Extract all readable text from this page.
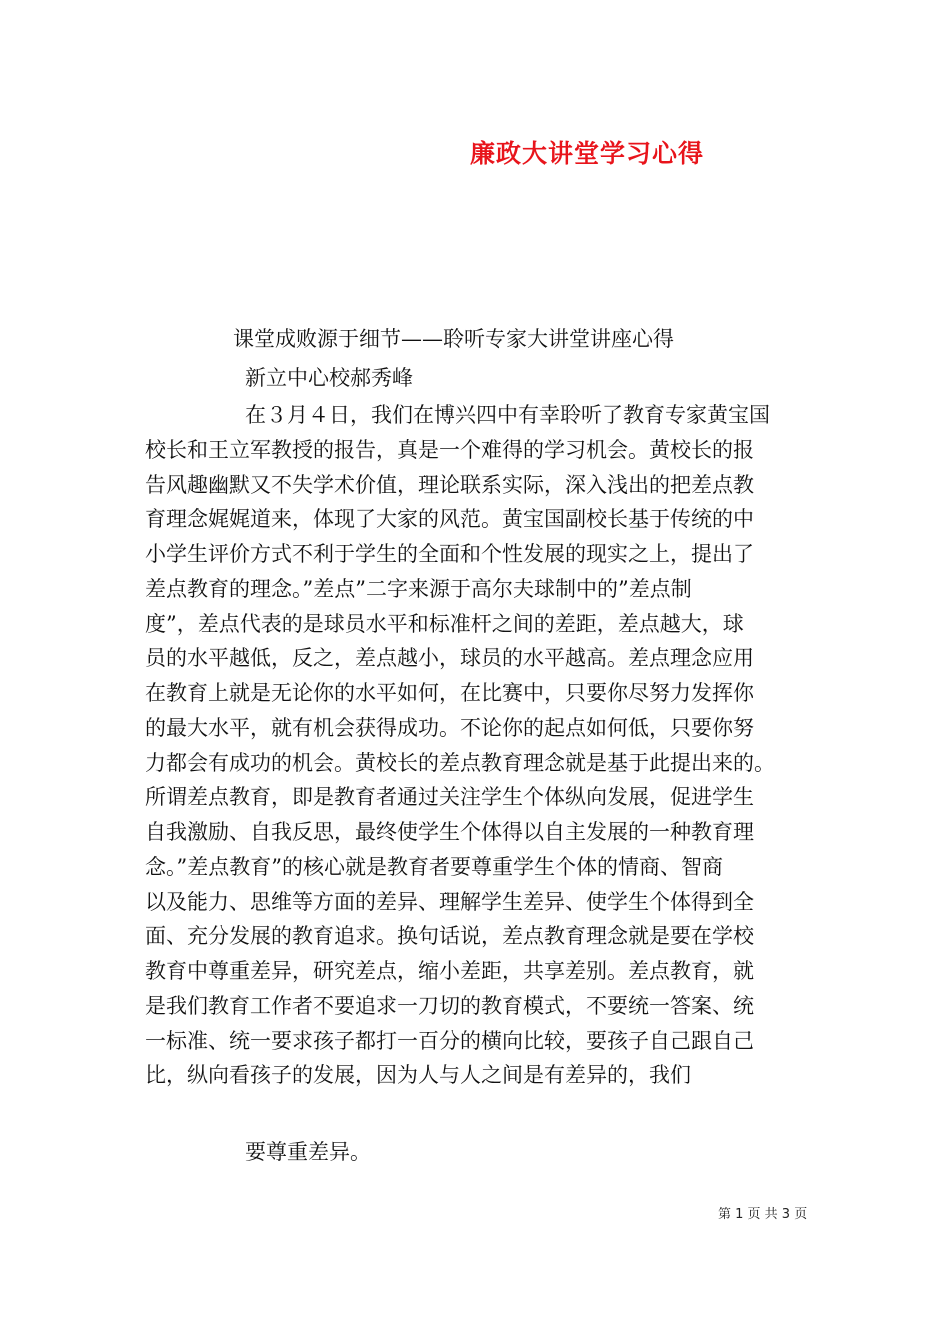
廉政大讲堂学习心得
课堂成败源于细节——聆听专家大讲堂讲座心得
新立中心校郝秀峰
在３月４日，我们在博兴四中有幸聆听了教育专家黄宝国
校长和王立军教授的报告，真是一个难得的学习机会。黄校长的报
告风趣幽默又不失学术价值，理论联系实际，深入浅出的把差点教
育理念娓娓道来，体现了大家的风范。黄宝国副校长基于传统的中
小学生评价方式不利于学生的全面和个性发展的现实之上，提出了
差点教育的理念。”差点”二字来源于高尔夫球制中的”差点制
度”，差点代表的是球员水平和标准杆之间的差距，差点越大，球
员的水平越低，反之，差点越小，球员的水平越高。差点理念应用
在教育上就是无论你的水平如何，在比赛中，只要你尽努力发挥你
的最大水平，就有机会获得成功。不论你的起点如何低，只要你努
力都会有成功的机会。黄校长的差点教育理念就是基于此提出来的。
所谓差点教育，即是教育者通过关注学生个体纵向发展，促进学生
自我激励、自我反思，最终使学生个体得以自主发展的一种教育理
念。”差点教育”的核心就是教育者要尊重学生个体的情商、智商
以及能力、思维等方面的差异、理解学生差异、使学生个体得到全
面、充分发展的教育追求。换句话说，差点教育理念就是要在学校
教育中尊重差异，研究差点，缩小差距，共享差别。差点教育，就
是我们教育工作者不要追求一刀切的教育模式，不要统一答案、统
一标准、统一要求孩子都打一百分的横向比较，要孩子自己跟自己
比，纵向看孩子的发展，因为人与人之间是有差异的，我们
要尊重差异。
第 1 页 共 3 页
